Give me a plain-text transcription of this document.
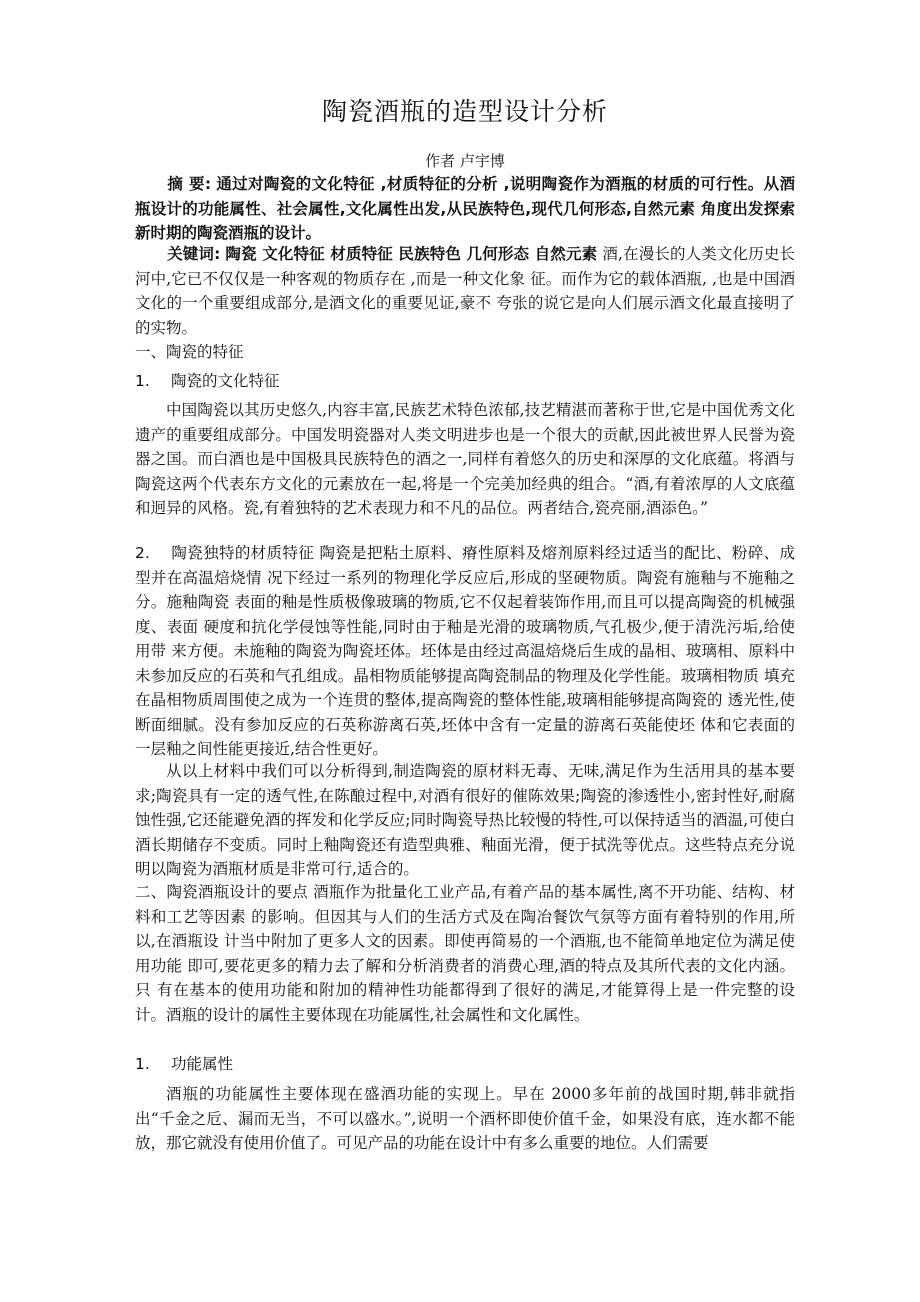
陶瓷酒瓶的造型设计分析
作者 卢宇博
摘 要: 通过对陶瓷的文化特征 ,材质特征的分析 ,说明陶瓷作为酒瓶的材质的可行性。从酒瓶设计的功能属性、社会属性,文化属性出发,从民族特色,现代几何形态,自然元素 角度出发探索新时期的陶瓷酒瓶的设计。
关键词: 陶瓷 文化特征 材质特征 民族特色 几何形态 自然元素 酒,在漫长的人类文化历史长河中,它已不仅仅是一种客观的物质存在 ,而是一种文化象 征。而作为它的载体酒瓶, ,也是中国酒文化的一个重要组成部分,是酒文化的重要见证,豪不 夸张的说它是向人们展示酒文化最直接明了的实物。
一、陶瓷的特征
1. 陶瓷的文化特征
中国陶瓷以其历史悠久,内容丰富,民族艺术特色浓郁,技艺精湛而著称于世,它是中国优秀文化遗产的重要组成部分。中国发明瓷器对人类文明进步也是一个很大的贡献,因此被世界人民誉为瓷器之国。而白酒也是中国极具民族特色的酒之一,同样有着悠久的历史和深厚的文化底蕴。将酒与陶瓷这两个代表东方文化的元素放在一起,将是一个完美加经典的组合。“酒,有着浓厚的人文底蕴和迥异的风格。瓷,有着独特的艺术表现力和不凡的品位。两者结合,瓷亮丽,酒添色。”
2. 陶瓷独特的材质特征 陶瓷是把粘土原料、瘠性原料及熔剂原料经过适当的配比、粉碎、成型并在高温焙烧情 况下经过一系列的物理化学反应后,形成的坚硬物质。陶瓷有施釉与不施釉之分。施釉陶瓷 表面的釉是性质极像玻璃的物质,它不仅起着装饰作用,而且可以提高陶瓷的机械强度、表面 硬度和抗化学侵蚀等性能,同时由于釉是光滑的玻璃物质,气孔极少,便于清洗污垢,给使用带 来方便。未施釉的陶瓷为陶瓷坯体。坯体是由经过高温焙烧后生成的晶相、玻璃相、原料中 未参加反应的石英和气孔组成。晶相物质能够提高陶瓷制品的物理及化学性能。玻璃相物质 填充在晶相物质周围使之成为一个连贯的整体,提高陶瓷的整体性能,玻璃相能够提高陶瓷的 透光性,使断面细腻。没有参加反应的石英称游离石英,坯体中含有一定量的游离石英能使坯 体和它表面的一层釉之间性能更接近,结合性更好。
从以上材料中我们可以分析得到,制造陶瓷的原材料无毒、无味,满足作为生活用具的基本要求;陶瓷具有一定的透气性,在陈酿过程中,对酒有很好的催陈效果;陶瓷的渗透性小,密封性好,耐腐蚀性强,它还能避免酒的挥发和化学反应;同时陶瓷导热比较慢的特性,可以保持适当的酒温,可使白酒长期储存不变质。同时上釉陶瓷还有造型典雅、釉面光滑，便于拭洗等优点。这些特点充分说明以陶瓷为酒瓶材质是非常可行,适合的。
二、陶瓷酒瓶设计的要点 酒瓶作为批量化工业产品,有着产品的基本属性,离不开功能、结构、材料和工艺等因素 的影响。但因其与人们的生活方式及在陶冶餐饮气氛等方面有着特别的作用,所以,在酒瓶设 计当中附加了更多人文的因素。即使再简易的一个酒瓶,也不能简单地定位为满足使用功能 即可,要花更多的精力去了解和分析消费者的消费心理,酒的特点及其所代表的文化内涵。只 有在基本的使用功能和附加的精神性功能都得到了很好的满足,才能算得上是一件完整的设 计。酒瓶的设计的属性主要体现在功能属性,社会属性和文化属性。
1. 功能属性
酒瓶的功能属性主要体现在盛酒功能的实现上。早在 2000多年前的战国时期,韩非就指出“千金之卮、漏而无当，不可以盛水。”,说明一个酒杯即使价值千金，如果没有底，连水都不能放，那它就没有使用价值了。可见产品的功能在设计中有多么重要的地位。人们需要
